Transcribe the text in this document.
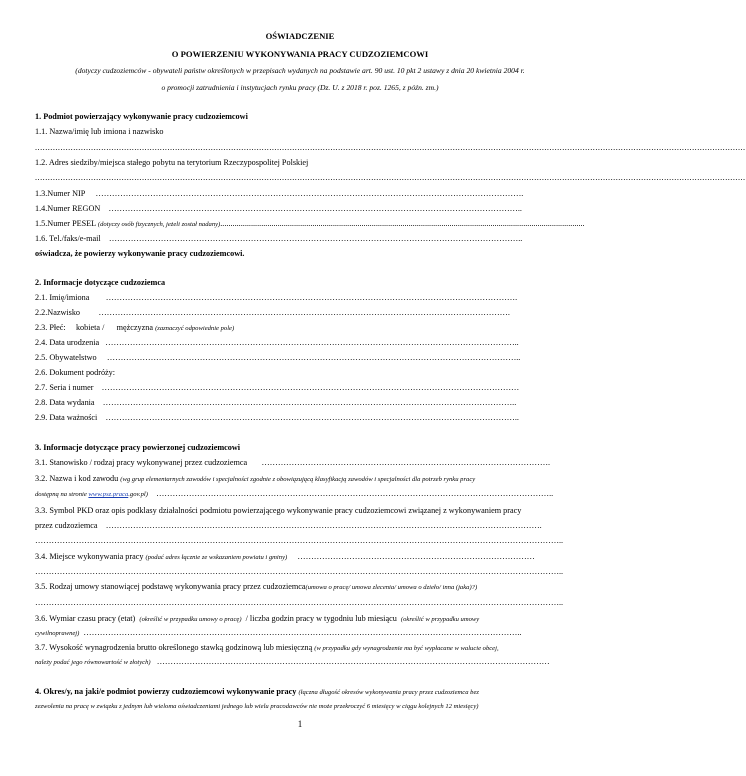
OŚWIADCZENIE
O POWIERZENIU WYKONYWANIA PRACY CUDZOZIEMCOWI
(dotyczy cudzoziemców - obywateli państw określonych w przepisach wydanych na podstawie art. 90 ust. 10 pkt 2 ustawy z dnia 20 kwietnia 2004 r.
o promocji zatrudnienia i instytucjach rynku pracy (Dz. U. z 2018 r. poz. 1265, z późn. zm.)
1. Podmiot powierzający wykonywanie pracy cudzoziemcowi
1.1. Nazwa/imię lub imiona i nazwisko
.......................................................................................................................................................................................................................................................................................
1.2. Adres siedziby/miejsca stałego pobytu na terytorium Rzeczypospolitej Polskiej
.......................................................................................................................................................................................................................................................................................
1.3.Numer NIP ………………………………………………………………………………………………………………………………………….
1.4.Numer REGON ……………………………………………………………………………………………………………………………………..
1.5.Numer PESEL (dotyczy osób fizycznych, jeżeli został nadany)..................................................................................................................................................................................
1.6. Tel./faks/e-mail ……………………………………………………………………………………………………………………………………..
oświadcza, że powierzy wykonywanie pracy cudzoziemcowi.
2. Informacje dotyczące cudzoziemca
2.1. Imię/imiona …………………………………………………………………………………………………………………………………….
2.2.Nazwisko …………………………………………………………………………………………………………………………………….
2.3. Płeć: kobieta / mężczyzna (zaznaczyć odpowiednie pole)
2.4. Data urodzenia ……………………………………………………………………………………………………………………………………..
2.5. Obywatelstwo ……………………………………………………………………………………………………………………………………..
2.6. Dokument podróży:
2.7. Seria i numer ………………………………………………………………………………………………………………………………………
2.8. Data wydania ……………………………………………………………………………………………………………………………………..
2.9. Data ważności ……………………………………………………………………………………………………………………………………..
3. Informacje dotyczące pracy powierzonej cudzoziemcowi
3.1. Stanowisko / rodzaj pracy wykonywanej przez cudzoziemca …………………………………………………………………………………………….
3.2. Nazwa i kod zawodu (wg grup elementarnych zawodów i specjalności zgodnie z obowiązującą klasyfikacją zawodów i specjalności dla potrzeb rynku pracy
dostępną na stronie www.psz.praca.gov.pl) ………………………………………………………………………………………………………………………………..
3.3. Symbol PKD oraz opis podklasy działalności podmiotu powierzającego wykonywanie pracy cudzoziemcowi związanej z wykonywaniem pracy
przez cudzoziemca …………………………………………………………………………………………………………………………………………….
…………………………………………………………………………………………………………………………………………………………………………..
3.4. Miejsce wykonywania pracy (podać adres łącznie ze wskazaniem powiatu i gminy) ……………………………………………………………………………
…………………………………………………………………………………………………………………………………………………………………………..
3.5. Rodzaj umowy stanowiącej podstawę wykonywania pracy przez cudzoziemca(umowa o pracę/ umowa zlecenia/ umowa o dzieło/ inna (jaka)?)
…………………………………………………………………………………………………………………………………………………………………………..
3.6. Wymiar czasu pracy (etat) (określić w przypadku umowy o pracę) / liczba godzin pracy w tygodniu lub miesiącu (określić w przypadku umowy
cywilnoprawnej) ……………………………………………………………………………………………………………………………………………..
3.7. Wysokość wynagrodzenia brutto określonego stawką godzinową lub miesięczną (w przypadku gdy wynagrodzenie ma być wypłacane w walucie obcej,
należy podać jego równowartość w złotych) ………………………………………………………………………………………………………………………………
4. Okres/y, na jaki/e podmiot powierzy cudzoziemcowi wykonywanie pracy (łączna długość okresów wykonywania pracy przez cudzoziemca bez
zezwolenia na pracę w związku z jednym lub wieloma oświadczeniami jednego lub wielu pracodawców nie może przekroczyć 6 miesięcy w ciągu kolejnych 12 miesięcy)
1
